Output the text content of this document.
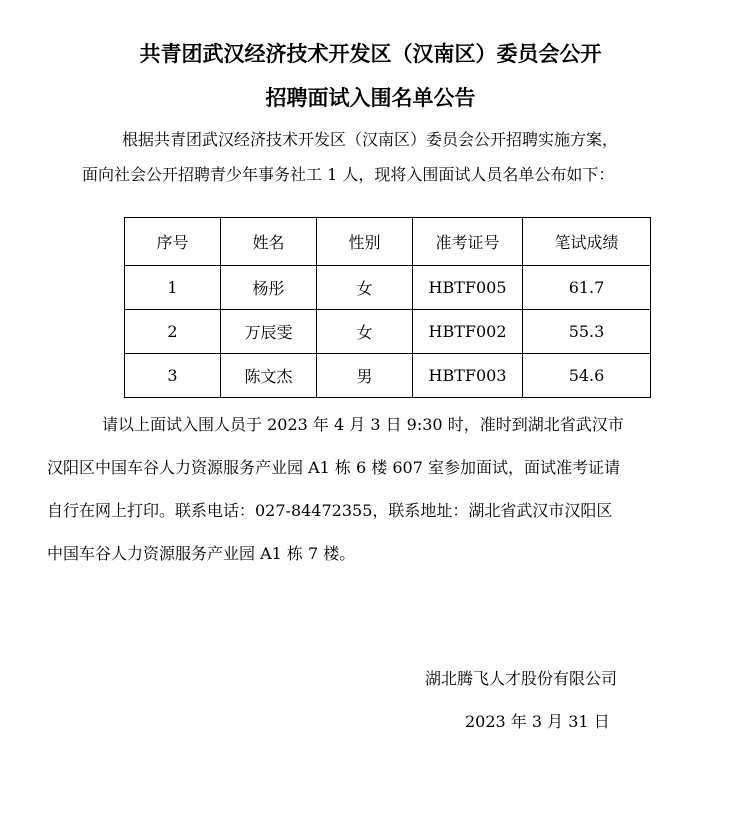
共青团武汉经济技术开发区（汉南区）委员会公开
招聘面试入围名单公告
根据共青团武汉经济技术开发区（汉南区）委员会公开招聘实施方案，
面向社会公开招聘青少年事务社工 1 人，现将入围面试人员名单公布如下：
序号	姓名	性别	准考证号	笔试成绩
1	杨彤	女	HBTF005	61.7
2	万辰雯	女	HBTF002	55.3
3	陈文杰	男	HBTF003	54.6
请以上面试入围人员于 2023 年 4 月 3 日 9:30 时，准时到湖北省武汉市
汉阳区中国车谷人力资源服务产业园 A1 栋 6 楼 607 室参加面试，面试准考证请
自行在网上打印。联系电话：027-84472355，联系地址：湖北省武汉市汉阳区
中国车谷人力资源服务产业园 A1 栋 7 楼。
湖北腾飞人才股份有限公司
2023 年 3 月 31 日
